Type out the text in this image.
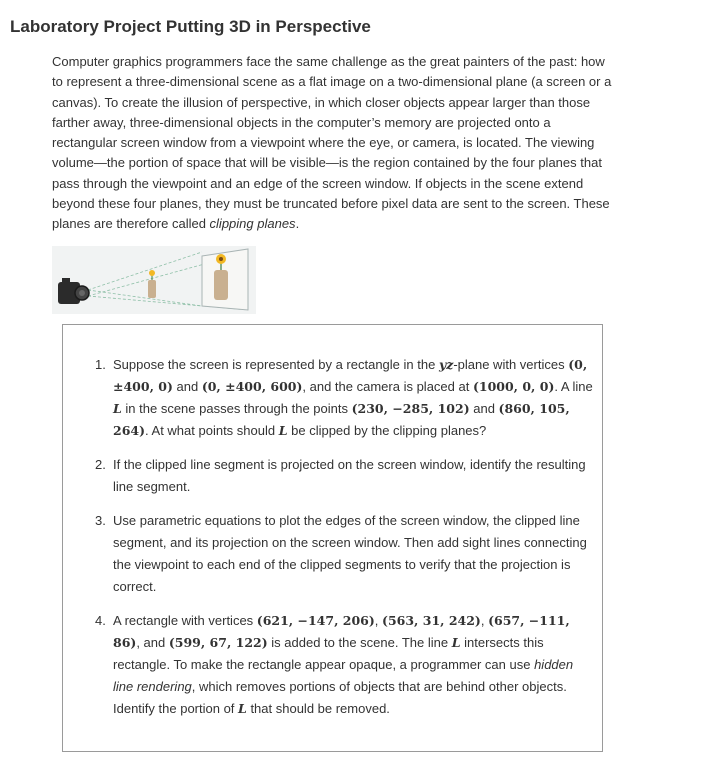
Laboratory Project Putting 3D in Perspective

Computer graphics programmers face the same challenge as the great painters of the past: how to represent a three-dimensional scene as a flat image on a two-dimensional plane (a screen or a canvas). To create the illusion of perspective, in which closer objects appear larger than those farther away, three-dimensional objects in the computer’s memory are projected onto a rectangular screen window from a viewpoint where the eye, or camera, is located. The viewing volume—the portion of space that will be visible—is the region contained by the four planes that pass through the viewpoint and an edge of the screen window. If objects in the scene extend beyond these four planes, they must be truncated before pixel data are sent to the screen. These planes are therefore called clipping planes.

1. Suppose the screen is represented by a rectangle in the yz-plane with vertices (0, ±400, 0) and (0, ±400, 600), and the camera is placed at (1000, 0, 0). A line L in the scene passes through the points (230, −285, 102) and (860, 105, 264). At what points should L be clipped by the clipping planes?
2. If the clipped line segment is projected on the screen window, identify the resulting line segment.
3. Use parametric equations to plot the edges of the screen window, the clipped line segment, and its projection on the screen window. Then add sight lines connecting the viewpoint to each end of the clipped segments to verify that the projection is correct.
4. A rectangle with vertices (621, −147, 206), (563, 31, 242), (657, −111, 86), and (599, 67, 122) is added to the scene. The line L intersects this rectangle. To make the rectangle appear opaque, a programmer can use hidden line rendering, which removes portions of objects that are behind other objects. Identify the portion of L that should be removed.
